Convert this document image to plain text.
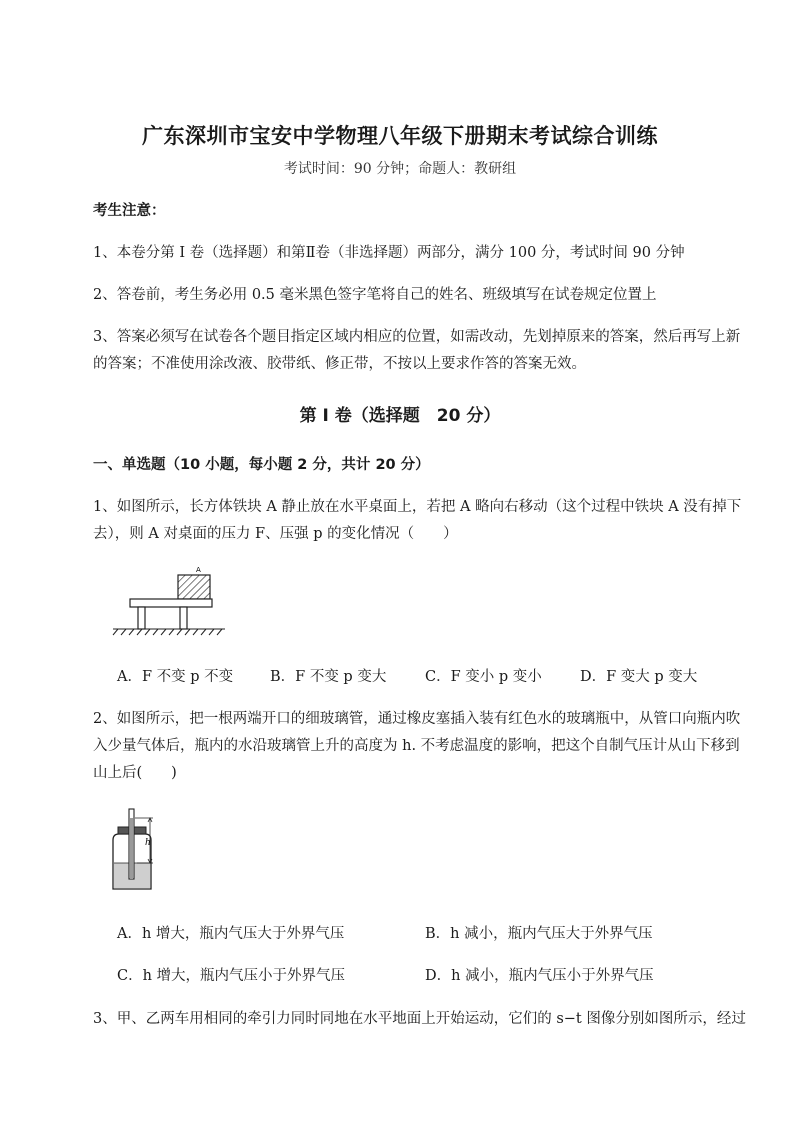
广东深圳市宝安中学物理八年级下册期末考试综合训练
考试时间：90 分钟；命题人：教研组
考生注意：
1、本卷分第 I 卷（选择题）和第Ⅱ卷（非选择题）两部分，满分 100 分，考试时间 90 分钟
2、答卷前，考生务必用 0.5 毫米黑色签字笔将自己的姓名、班级填写在试卷规定位置上
3、答案必须写在试卷各个题目指定区域内相应的位置，如需改动，先划掉原来的答案，然后再写上新的答案；不准使用涂改液、胶带纸、修正带，不按以上要求作答的答案无效。
第 I 卷（选择题　20 分）
一、单选题（10 小题，每小题 2 分，共计 20 分）
1、如图所示，长方体铁块 A 静止放在水平桌面上，若把 A 略向右移动（这个过程中铁块 A 没有掉下去），则 A 对桌面的压力 F、压强 p 的变化情况（　　）
A
A．F 不变 p 不变	B．F 不变 p 变大	C．F 变小 p 变小	D．F 变大 p 变大
2、如图所示，把一根两端开口的细玻璃管，通过橡皮塞插入装有红色水的玻璃瓶中，从管口向瓶内吹入少量气体后，瓶内的水沿玻璃管上升的高度为 h. 不考虑温度的影响，把这个自制气压计从山下移到山上后(　　)
h
A．h 增大，瓶内气压大于外界气压	B．h 减小，瓶内气压大于外界气压
C．h 增大，瓶内气压小于外界气压	D．h 减小，瓶内气压小于外界气压
3、甲、乙两车用相同的牵引力同时同地在水平地面上开始运动，它们的 s−t 图像分别如图所示，经过
